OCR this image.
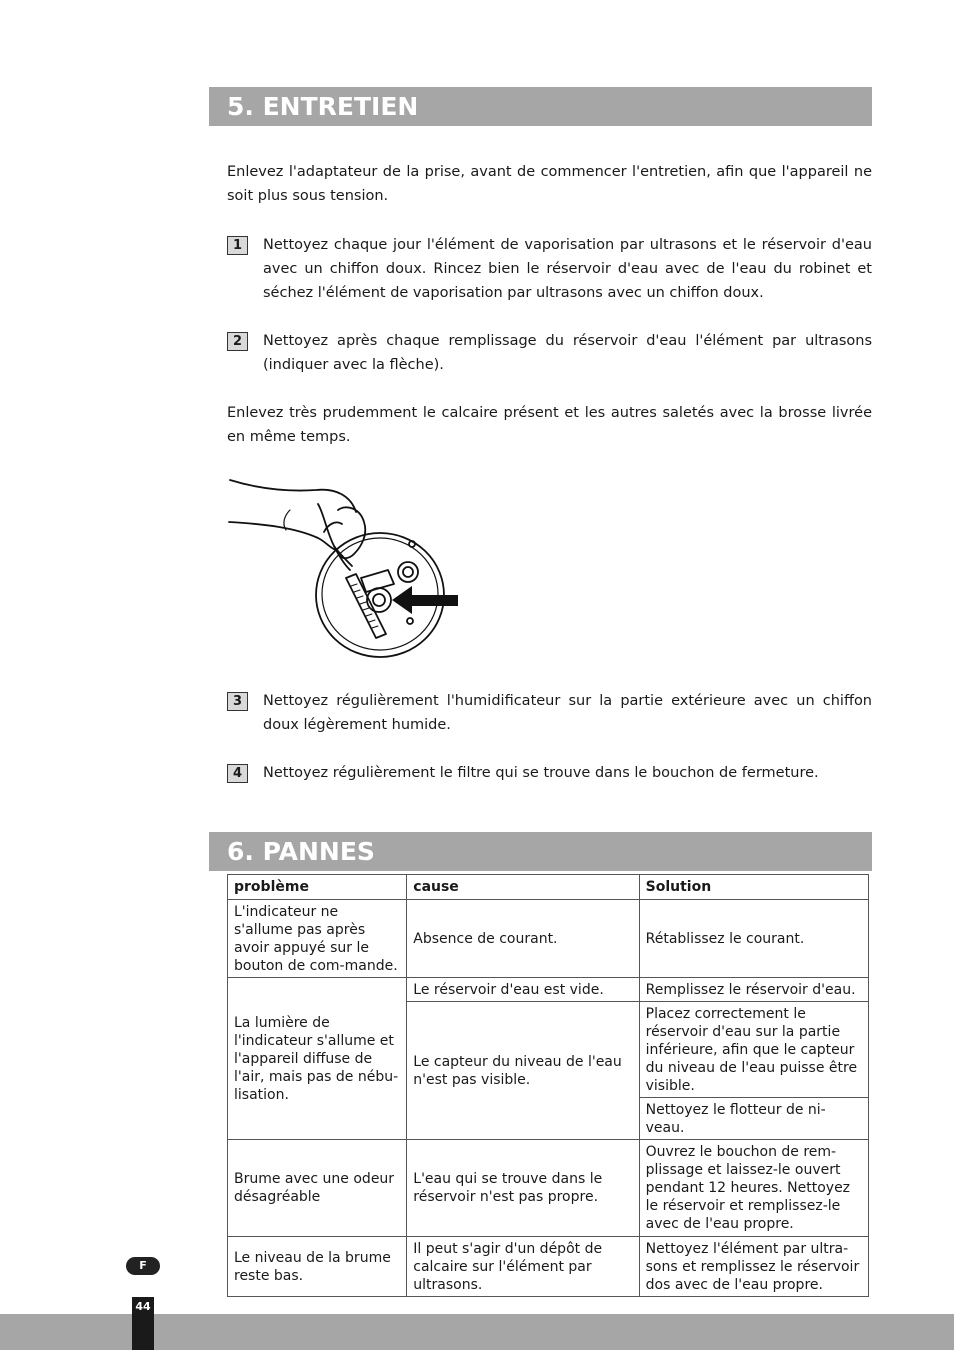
5. ENTRETIEN

Enlevez l'adaptateur de la prise, avant de commencer l'entretien, afin que l'appareil ne soit plus sous tension.

1	Nettoyez chaque jour l'élément de vaporisation par ultrasons et le réservoir d'eau avec un chiffon doux. Rincez bien le réservoir d'eau avec de l'eau du robinet et séchez l'élément de vaporisation par ultrasons avec un chiffon doux.
2	Nettoyez après chaque remplissage du réservoir d'eau l'élément par ultrasons (indiquer avec la flèche).

Enlevez très prudemment le calcaire présent et les autres saletés avec la brosse livrée en même temps.

3	Nettoyez régulièrement l'humidificateur sur la partie extérieure avec un chiffon doux légèrement humide.
4	Nettoyez régulièrement le filtre qui se trouve dans le bouchon de fermeture.
6. PANNES
problème	cause	Solution
L'indicateur ne s'allume pas après avoir appuyé sur le bouton de com-mande.	Absence de courant.	Rétablissez le courant.
La lumière de l'indicateur s'allume et l'appareil diffuse de l'air, mais pas de nébu-lisation.	Le réservoir d'eau est vide.	Remplissez le réservoir d'eau.
	Le capteur du niveau de l'eau n'est pas visible.	Placez correctement le réservoir d'eau sur la partie inférieure, afin que le capteur du niveau de l'eau puisse être visible.
		Nettoyez le flotteur de ni-veau.
Brume avec une odeur désagréable	L'eau qui se trouve dans le réservoir n'est pas propre.	Ouvrez le bouchon de rem-plissage et laissez-le ouvert pendant 12 heures. Nettoyez le réservoir et remplissez-le avec de l'eau propre.
Le niveau de la brume reste bas.	Il peut s'agir d'un dépôt de calcaire sur l'élément par ultrasons.	Nettoyez l'élément par ultra-sons et remplissez le réservoir dos avec de l'eau propre.
F
44
